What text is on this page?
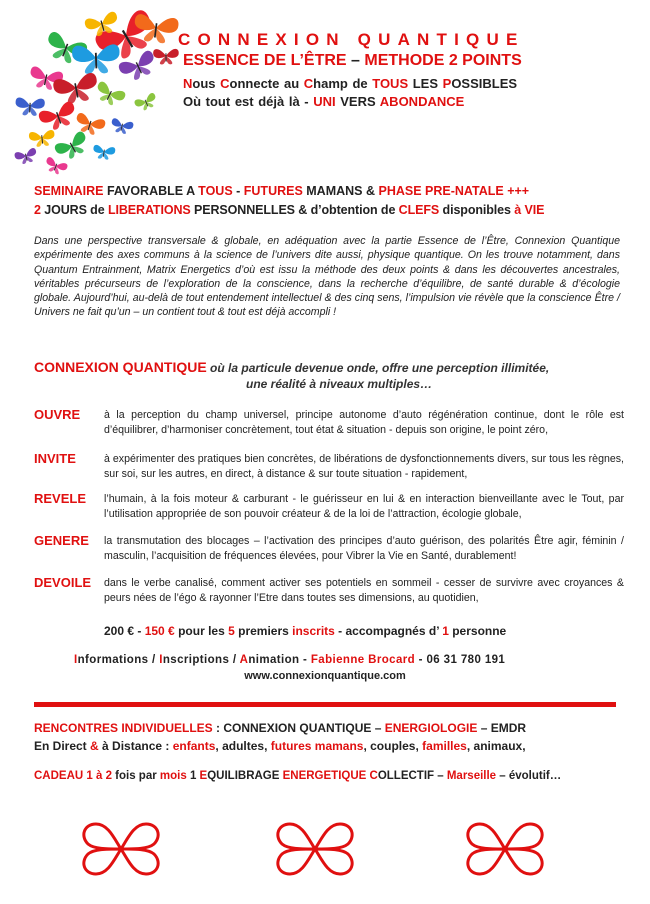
CONNEXION QUANTIQUE
ESSENCE DE L’ÊTRE – METHODE 2 POINTS
Nous Connecte au Champ de TOUS LES POSSIBLES
Où tout est déjà là - UNI VERS ABONDANCE
SEMINAIRE FAVORABLE A TOUS - FUTURES MAMANS & PHASE PRE-NATALE +++
2 JOURS de LIBERATIONS PERSONNELLES & d’obtention de CLEFS disponibles à VIE
Dans une perspective transversale & globale, en adéquation avec la partie Essence de l’Être, Connexion Quantique expérimente des axes communs à la science de l’univers dite aussi, physique quantique. On les trouve notamment, dans Quantum Entrainment, Matrix Energetics d’où est issu la méthode des deux points & dans les découvertes ancestrales, véritables précurseurs de l’exploration de la conscience, dans la recherche d’équilibre, de santé durable & d’écologie globale. Aujourd’hui, au-delà de tout entendement intellectuel & des cinq sens, l’impulsion vie révèle que la conscience Être / Univers ne fait qu’un – un contient tout & tout est déjà accompli !
CONNEXION QUANTIQUE où la particule devenue onde, offre une perception illimitée,
une réalité à niveaux multiples…
OUVRE à la perception du champ universel, principe autonome d’auto régénération continue, dont le rôle est d’équilibrer, d’harmoniser concrètement, tout état & situation - depuis son origine, le point zéro,
INVITE	à expérimenter des pratiques bien concrètes, de libérations de dysfonctionnements divers, sur tous les règnes, sur soi, sur les autres, en direct, à distance & sur toute situation - rapidement,
REVELE l’humain, à la fois moteur & carburant - le guérisseur en lui & en interaction bienveillante avec le Tout, par l’utilisation appropriée de son pouvoir créateur & de la loi de l’attraction, écologie globale,
GENERE la transmutation des blocages – l’activation des principes d’auto guérison, des polarités Être agir, féminin / masculin, l’acquisition de fréquences élevées, pour Vibrer la Vie en Santé, durablement!
DEVOILE dans le verbe canalisé, comment activer ses potentiels en sommeil - cesser de survivre avec croyances & peurs nées de l’égo & rayonner l’Etre dans toutes ses dimensions, au quotidien,
200 € - 150 € pour les 5 premiers inscrits - accompagnés d’ 1 personne
Informations / Inscriptions / Animation - Fabienne Brocard - 06 31 780 191
www.connexionquantique.com
RENCONTRES INDIVIDUELLES : CONNEXION QUANTIQUE – ENERGIOLOGIE – EMDR
En Direct & à Distance : enfants, adultes, futures mamans, couples, familles, animaux,
CADEAU 1 à 2 fois par mois 1 EQUILIBRAGE ENERGETIQUE COLLECTIF – Marseille – évolutif…
